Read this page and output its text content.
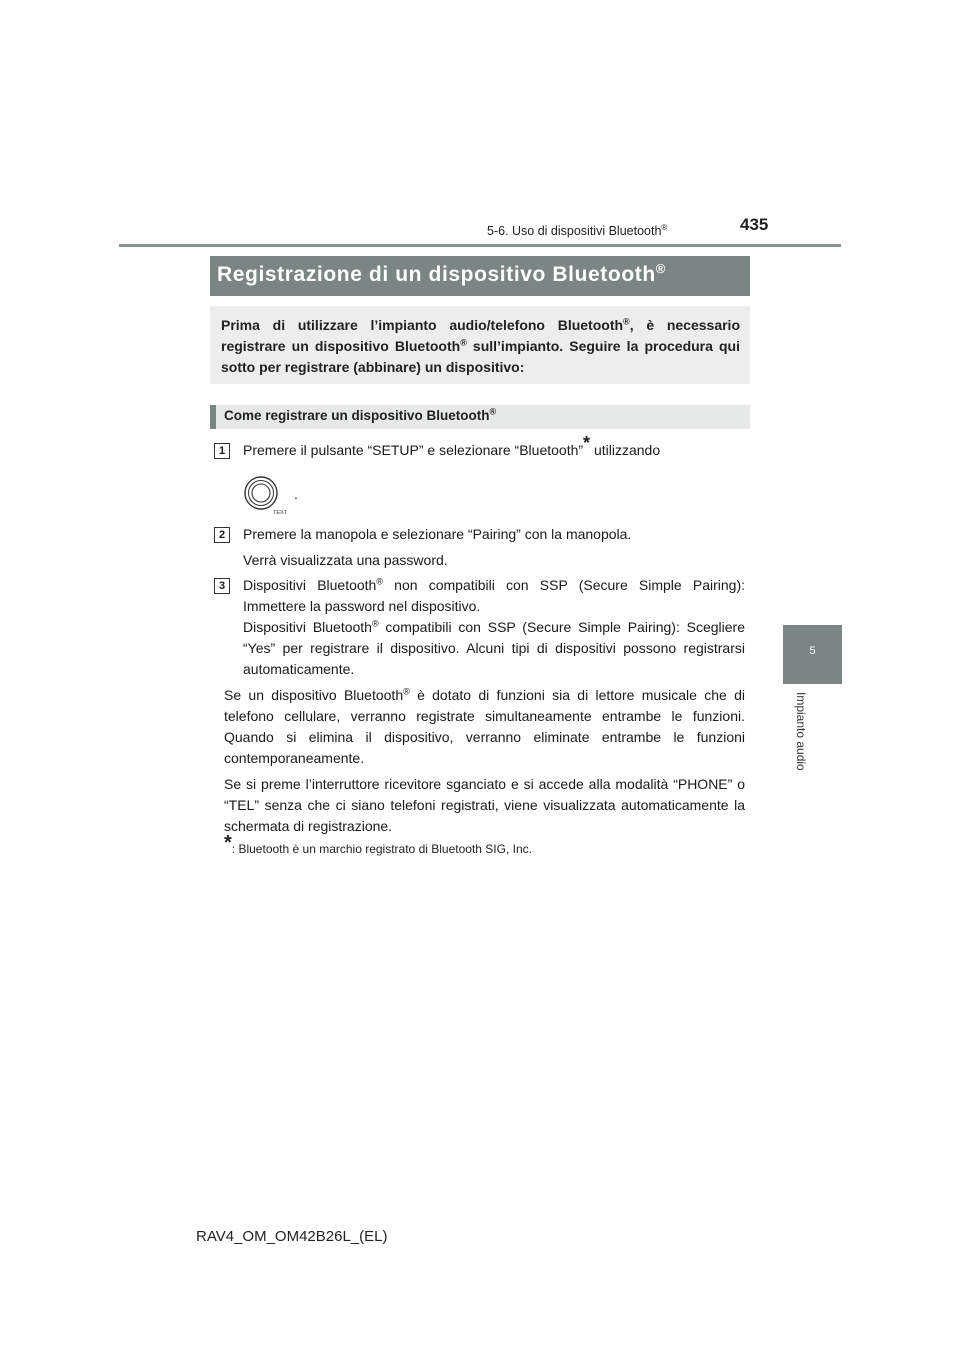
5-6. Uso di dispositivi Bluetooth®	435
5
Impianto audio
Registrazione di un dispositivo Bluetooth®
Prima di utilizzare l’impianto audio/telefono Bluetooth®, è necessario registrare un dispositivo Bluetooth® sull’impianto. Seguire la procedura qui sotto per registrare (abbinare) un dispositivo:
Come registrare un dispositivo Bluetooth®
1	Premere il pulsante “SETUP” e selezionare “Bluetooth”* utilizzando
TEXT
.
2	Premere la manopola e selezionare “Pairing” con la manopola.
Verrà visualizzata una password.
3	Dispositivi Bluetooth® non compatibili con SSP (Secure Simple Pairing): Immettere la password nel dispositivo.
Dispositivi Bluetooth® compatibili con SSP (Secure Simple Pairing): Scegliere “Yes” per registrare il dispositivo. Alcuni tipi di dispositivi possono registrarsi automaticamente.
Se un dispositivo Bluetooth® è dotato di funzioni sia di lettore musicale che di telefono cellulare, verranno registrate simultaneamente entrambe le funzioni. Quando si elimina il dispositivo, verranno eliminate entrambe le funzioni contemporaneamente.
Se si preme l’interruttore ricevitore sganciato e si accede alla modalità “PHONE” o “TEL” senza che ci siano telefoni registrati, viene visualizzata automaticamente la schermata di registrazione.
*: Bluetooth è un marchio registrato di Bluetooth SIG, Inc.
RAV4_OM_OM42B26L_(EL)
